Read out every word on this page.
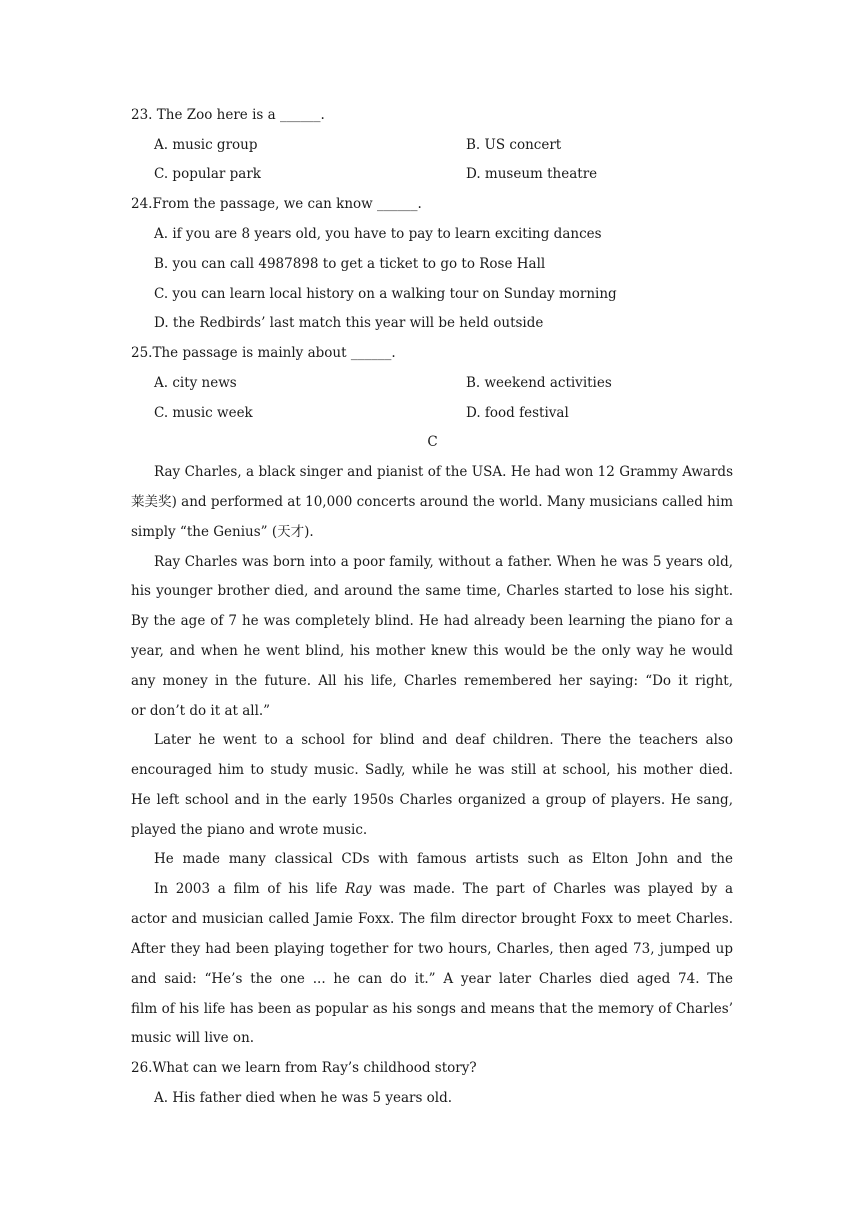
23. The Zoo here is a ______.
A. music group	B. US concert
C. popular park	D. museum theatre
24.From the passage, we can know ______.
A. if you are 8 years old, you have to pay to learn exciting dances
B. you can call 4987898 to get a ticket to go to Rose Hall
C. you can learn local history on a walking tour on Sunday morning
D. the Redbirds’ last match this year will be held outside
25.The passage is mainly about ______.
A. city news	B. weekend activities
C. music week	D. food festival
C
Ray Charles, a black singer and pianist of the USA. He had won 12 Grammy Awards
莱美奖) and performed at 10,000 concerts around the world. Many musicians called him
simply “the Genius” (天才).
Ray Charles was born into a poor family, without a father. When he was 5 years old,
his younger brother died, and around the same time, Charles started to lose his sight.
By the age of 7 he was completely blind. He had already been learning the piano for a
year, and when he went blind, his mother knew this would be the only way he would
any money in the future. All his life, Charles remembered her saying: “Do it right,
or don’t do it at all.”
Later he went to a school for blind and deaf children. There the teachers also
encouraged him to study music. Sadly, while he was still at school, his mother died.
He left school and in the early 1950s Charles organized a group of players. He sang,
played the piano and wrote music.
He made many classical CDs with famous artists such as Elton John and the
In 2003 a film of his life Ray was made. The part of Charles was played by a
actor and musician called Jamie Foxx. The film director brought Foxx to meet Charles.
After they had been playing together for two hours, Charles, then aged 73, jumped up
and said: “He’s the one ... he can do it.” A year later Charles died aged 74. The
film of his life has been as popular as his songs and means that the memory of Charles’
music will live on.
26.What can we learn from Ray’s childhood story?
A. His father died when he was 5 years old.
